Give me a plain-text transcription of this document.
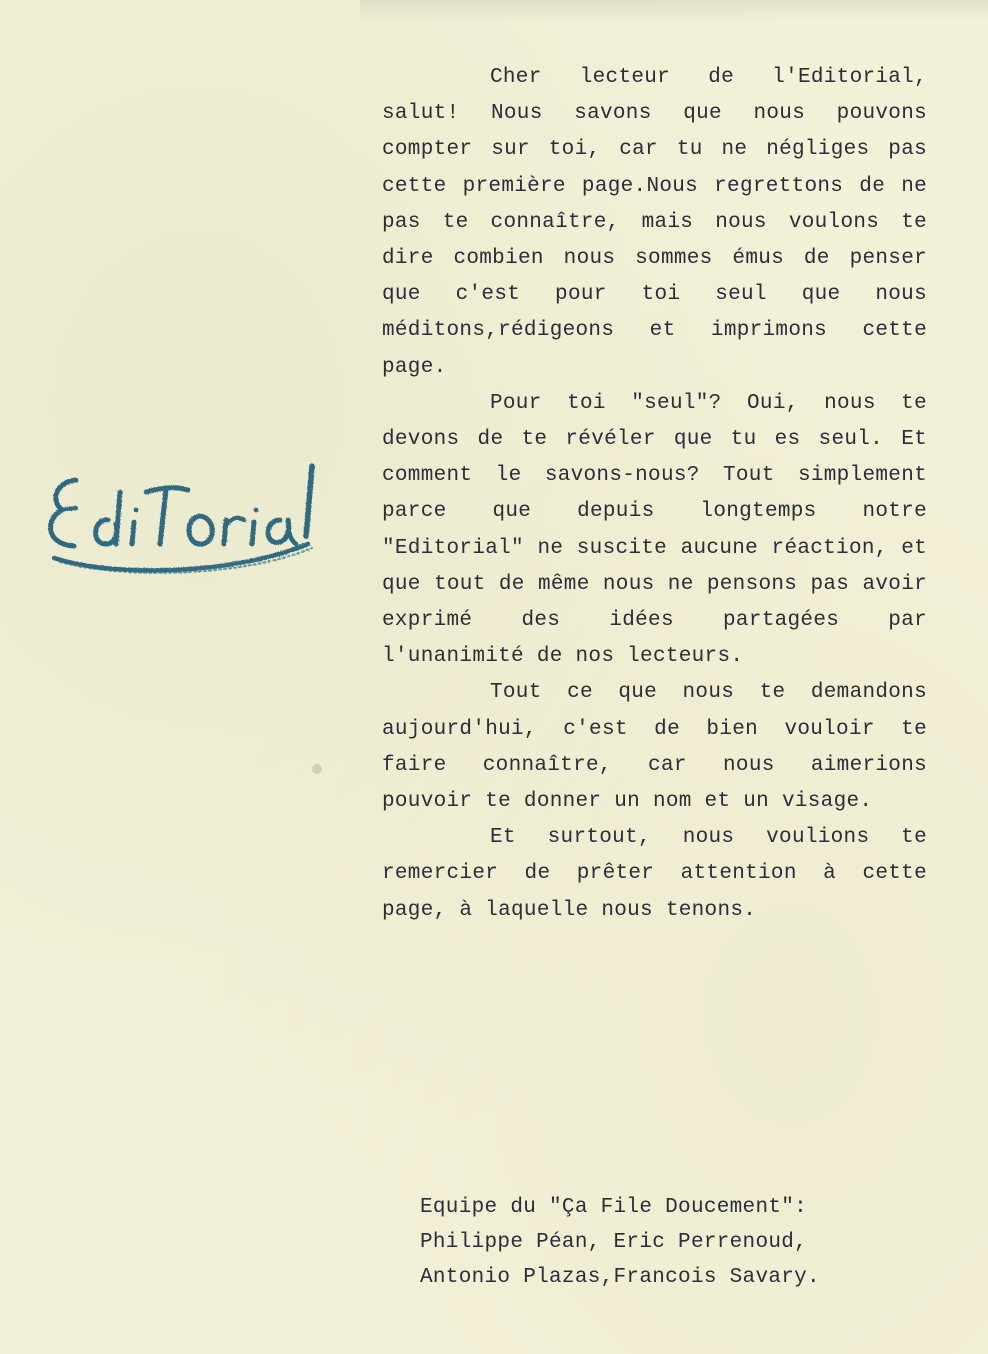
Editorial

Cher lecteur de l'Editorial, salut! Nous savons que nous pouvons compter sur toi, car tu ne négliges pas cette première page.Nous regrettons de ne pas te connaître, mais nous voulons te dire combien nous sommes émus de penser que c'est pour toi seul que nous méditons,rédigeons et imprimons cette page.

Pour toi "seul"? Oui, nous te devons de te révéler que tu es seul. Et comment le savons-nous? Tout simplement parce que depuis longtemps notre "Editorial" ne suscite aucune réaction, et que tout de même nous ne pensons pas avoir exprimé des idées partagées par l'unanimité de nos lecteurs.

Tout ce que nous te demandons aujourd'hui, c'est de bien vouloir te faire connaître, car nous aimerions pouvoir te donner un nom et un visage.

Et surtout, nous voulions te remercier de prêter attention à cette page, à laquelle nous tenons.

Equipe du "Ça File Doucement":
Philippe Péan, Eric Perrenoud,
Antonio Plazas,Francois Savary.
